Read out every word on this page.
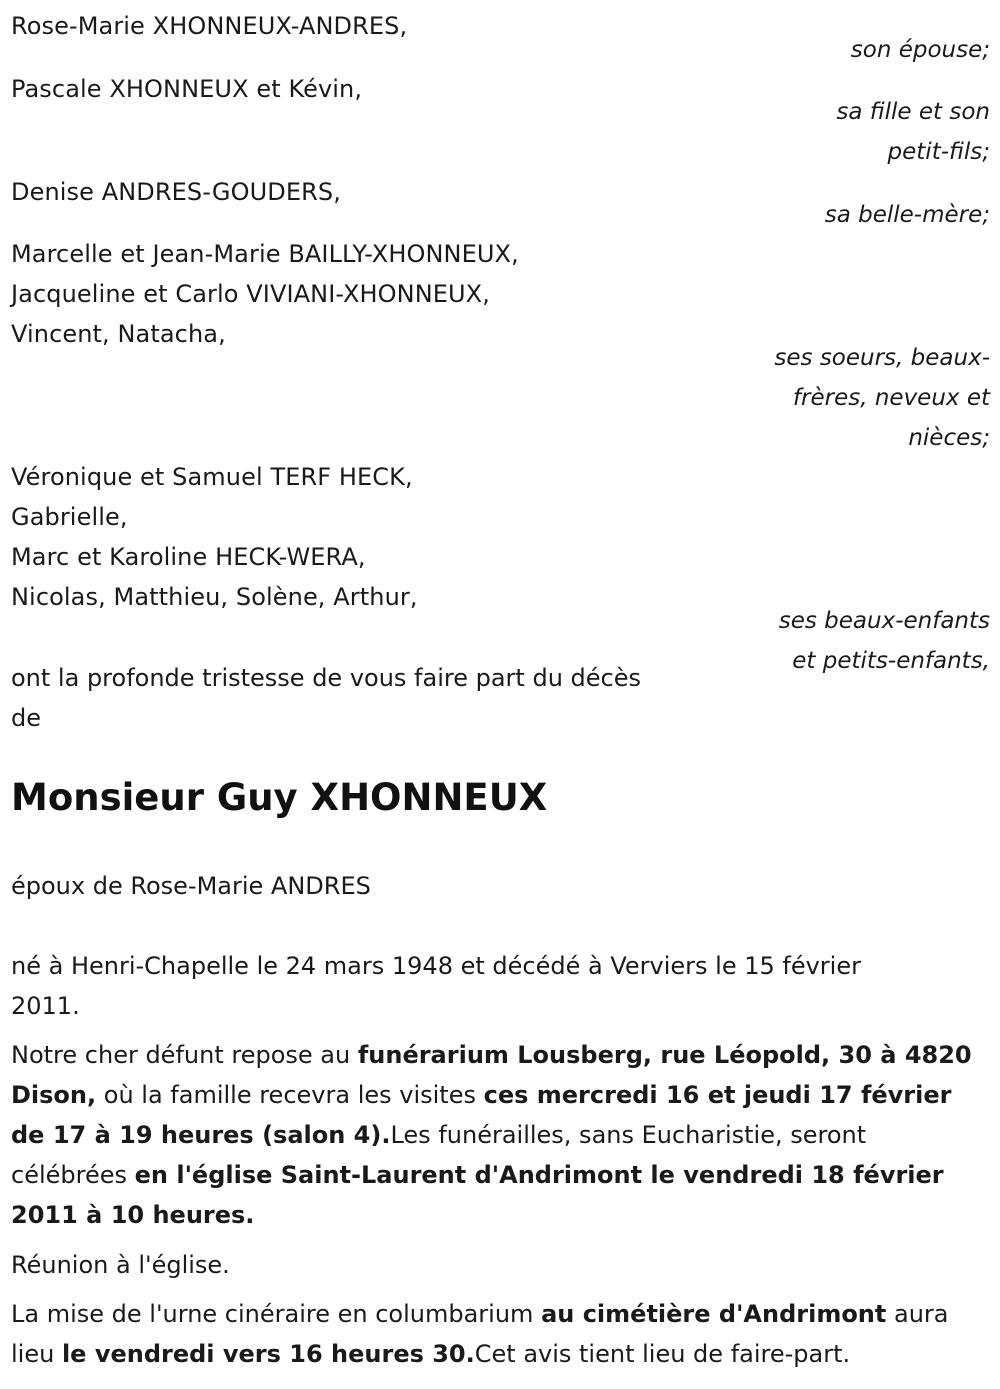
Rose-Marie XHONNEUX-ANDRES,
son épouse;
Pascale XHONNEUX et Kévin,
sa fille et son
petit-fils;
Denise ANDRES-GOUDERS,
sa belle-mère;
Marcelle et Jean-Marie BAILLY-XHONNEUX,
Jacqueline et Carlo VIVIANI-XHONNEUX,
Vincent, Natacha,
ses soeurs, beaux-
frères, neveux et
nièces;
Véronique et Samuel TERF HECK,
Gabrielle,
Marc et Karoline HECK-WERA,
Nicolas, Matthieu, Solène, Arthur,
ses beaux-enfants
et petits-enfants,
ont la profonde tristesse de vous faire part du décès
de
Monsieur Guy XHONNEUX
époux de Rose-Marie ANDRES
né à Henri-Chapelle le 24 mars 1948 et décédé à Verviers le 15 février
2011.
Notre cher défunt repose au funérarium Lousberg, rue Léopold, 30 à 4820 Dison, où la famille recevra les visites ces mercredi 16 et jeudi 17 février de 17 à 19 heures (salon 4).Les funérailles, sans Eucharistie, seront célébrées en l'église Saint-Laurent d'Andrimont le vendredi 18 février 2011 à 10 heures.
Réunion à l'église.
La mise de l'urne cinéraire en columbarium au cimétière d'Andrimont aura lieu le vendredi vers 16 heures 30.Cet avis tient lieu de faire-part.
